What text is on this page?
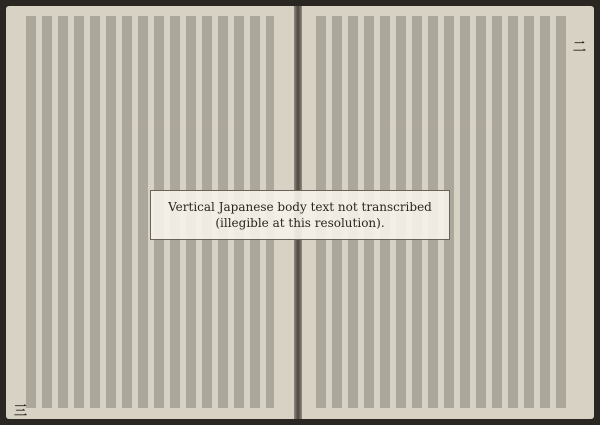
三
二
Vertical Japanese body text not transcribed (illegible at this resolution).
